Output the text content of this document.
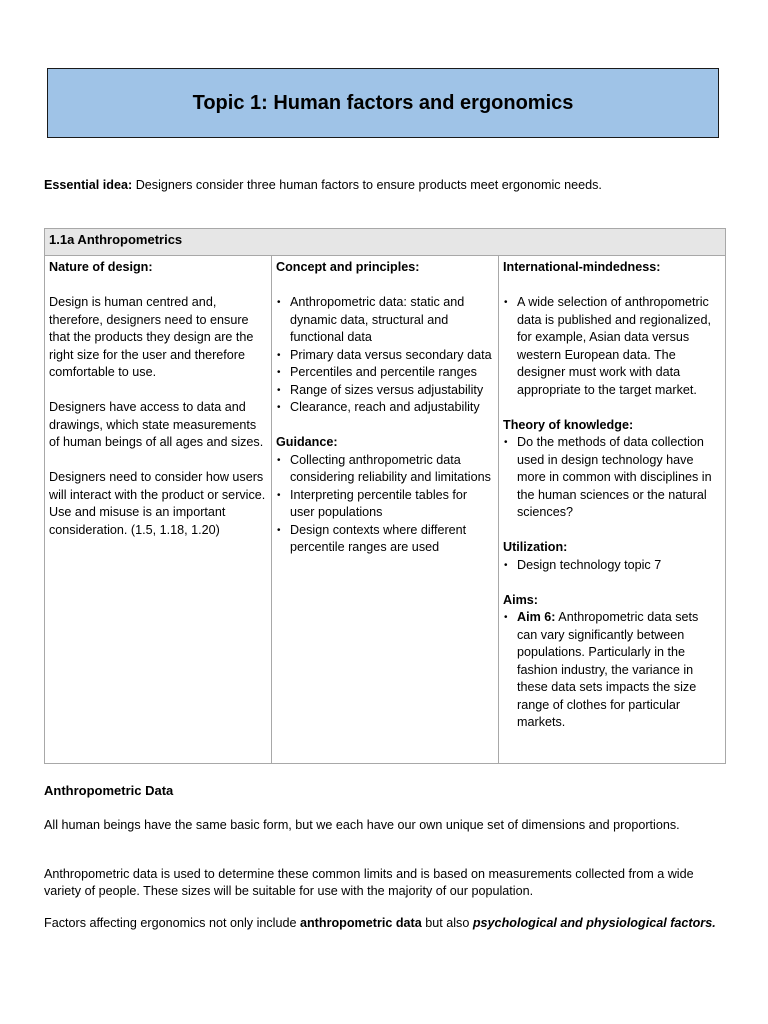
Topic 1: Human factors and ergonomics
Essential idea: Designers consider three human factors to ensure products meet ergonomic needs.
1.1a Anthropometrics

Nature of design:

Design is human centred and, therefore, designers need to ensure that the products they design are the right size for the user and therefore comfortable to use.

Designers have access to data and drawings, which state measurements of human beings of all ages and sizes.

Designers need to consider how users will interact with the product or service. Use and misuse is an important consideration. (1.5, 1.18, 1.20)

Concept and principles:
• Anthropometric data: static and dynamic data, structural and functional data
• Primary data versus secondary data
• Percentiles and percentile ranges
• Range of sizes versus adjustability
• Clearance, reach and adjustability
Guidance:
• Collecting anthropometric data considering reliability and limitations
• Interpreting percentile tables for user populations
• Design contexts where different percentile ranges are used

International-mindedness:
• A wide selection of anthropometric data is published and regionalized, for example, Asian data versus western European data. The designer must work with data appropriate to the target market.
Theory of knowledge:
• Do the methods of data collection used in design technology have more in common with disciplines in the human sciences or the natural sciences?
Utilization:
• Design technology topic 7
Aims:
• Aim 6: Anthropometric data sets can vary significantly between populations. Particularly in the fashion industry, the variance in these data sets impacts the size range of clothes for particular markets.
Anthropometric Data
All human beings have the same basic form, but we each have our own unique set of dimensions and proportions.
Anthropometric data is used to determine these common limits and is based on measurements collected from a wide variety of people. These sizes will be suitable for use with the majority of our population.
Factors affecting ergonomics not only include anthropometric data but also psychological and physiological factors.
